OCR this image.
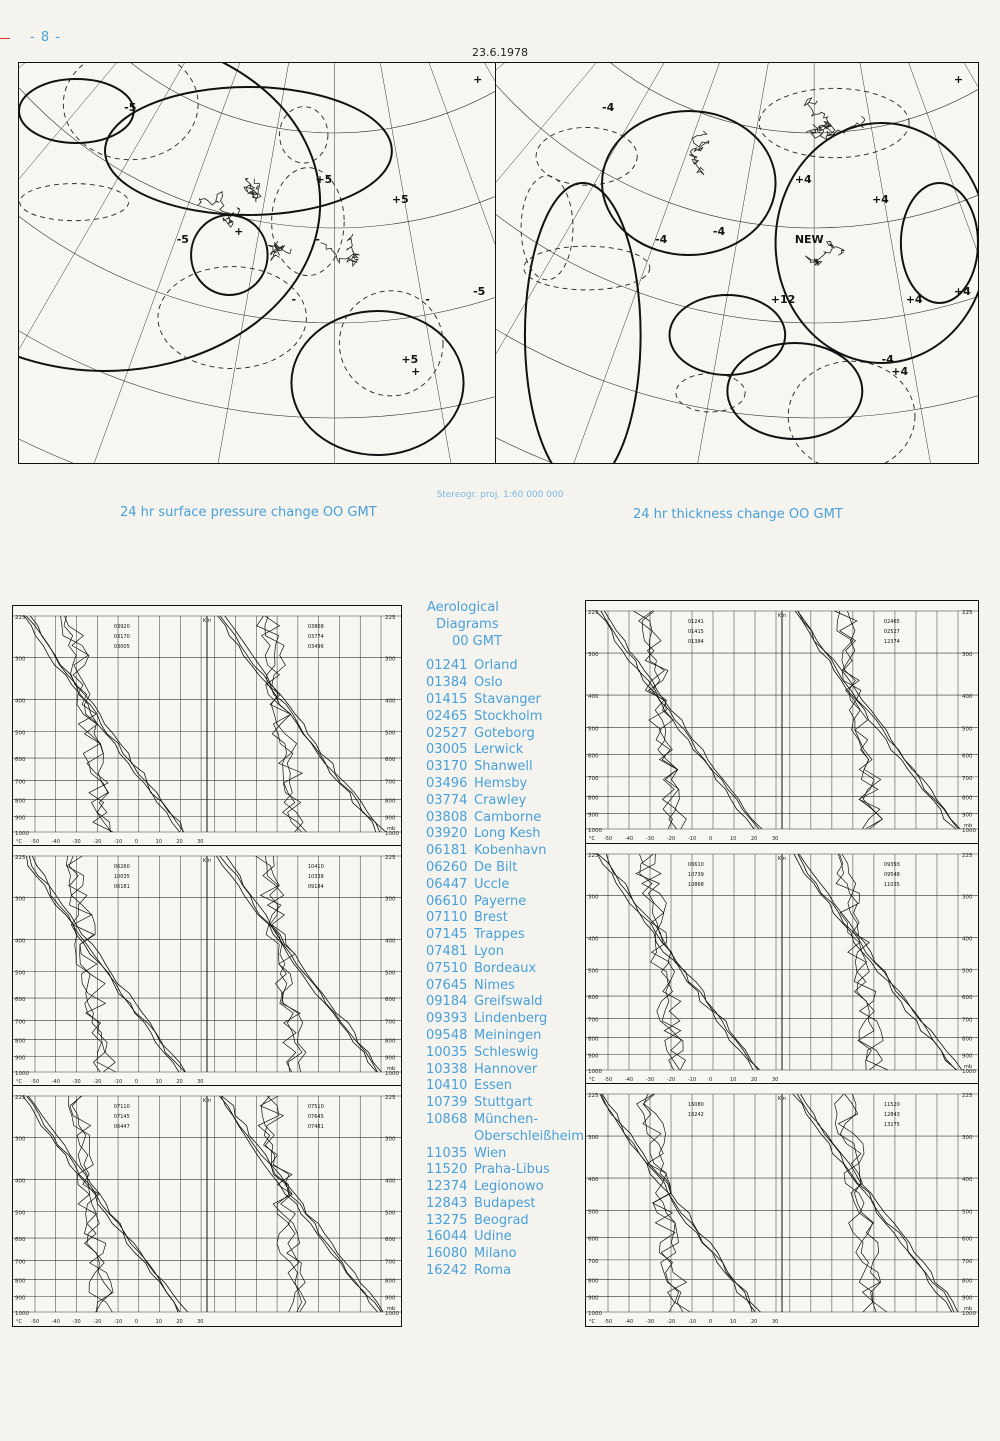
- 8 -
23.6.1978
-5
+5
-5
+5
-5
+5
+
+
-
-	-
+
-4
+4
-4
+4
+4
-4
+4
-4
NEW
+12	+4
+
Stereogr. proj. 1:60 000 000
24 hr surface pressure change OO GMT	24 hr thickness change OO GMT
225	225
300	300
400	400
500	500
600	600
700	700
800	800
900	900
1000	1000
-50	-40	-30	-20	-10	0	10	20	30
Km
mb
°C
03920
03170
03005
03808
03774
03496
225	225
300	300
400	400
500	500
600	600
700	700
800	800
900	900
1000	1000
-50	-40	-30	-20	-10	0	10	20	30
Km
mb
°C
06260
10035
06181
10410
10338
09184
225	225
300	300
400	400
500	500
600	600
700	700
800	800
900	900
1000	1000
-50	-40	-30	-20	-10	0	10	20	30
Km
mb
°C
07110
07145
06447
07510
07645
07481
225	225
300	300
400	400
500	500
600	600
700	700
800	800
900	900
1000	1000
-50	-40	-30	-20	-10	0	10	20	30
Km
mb
°C
01241
01415
01384
02465
02527
12374
225	225
300	300
400	400
500	500
600	600
700	700
800	800
900	900
1000	1000
-50	-40	-30	-20	-10	0	10	20	30
Km
mb
°C
06610
10739
10868
09393
09548
11035
225	225
300	300
400	400
500	500
600	600
700	700
800	800
900	900
1000	1000
-50	-40	-30	-20	-10	0	10	20	30
Km
mb
°C
16080
16242
11520
12843
13275
Aerological
Diagrams
00 GMT
01241 Orland
01384 Oslo
01415 Stavanger
02465 Stockholm
02527 Goteborg
03005 Lerwick
03170 Shanwell
03496 Hemsby
03774 Crawley
03808 Camborne
03920 Long Kesh
06181 Kobenhavn
06260 De Bilt
06447 Uccle
06610 Payerne
07110 Brest
07145 Trappes
07481 Lyon
07510 Bordeaux
07645 Nimes
09184 Greifswald
09393 Lindenberg
09548 Meiningen
10035 Schleswig
10338 Hannover
10410 Essen
10739 Stuttgart
10868 München-
Oberschleißheim
11035 Wien
11520 Praha-Libus
12374 Legionowo
12843 Budapest
13275 Beograd
16044 Udine
16080 Milano
16242 Roma
